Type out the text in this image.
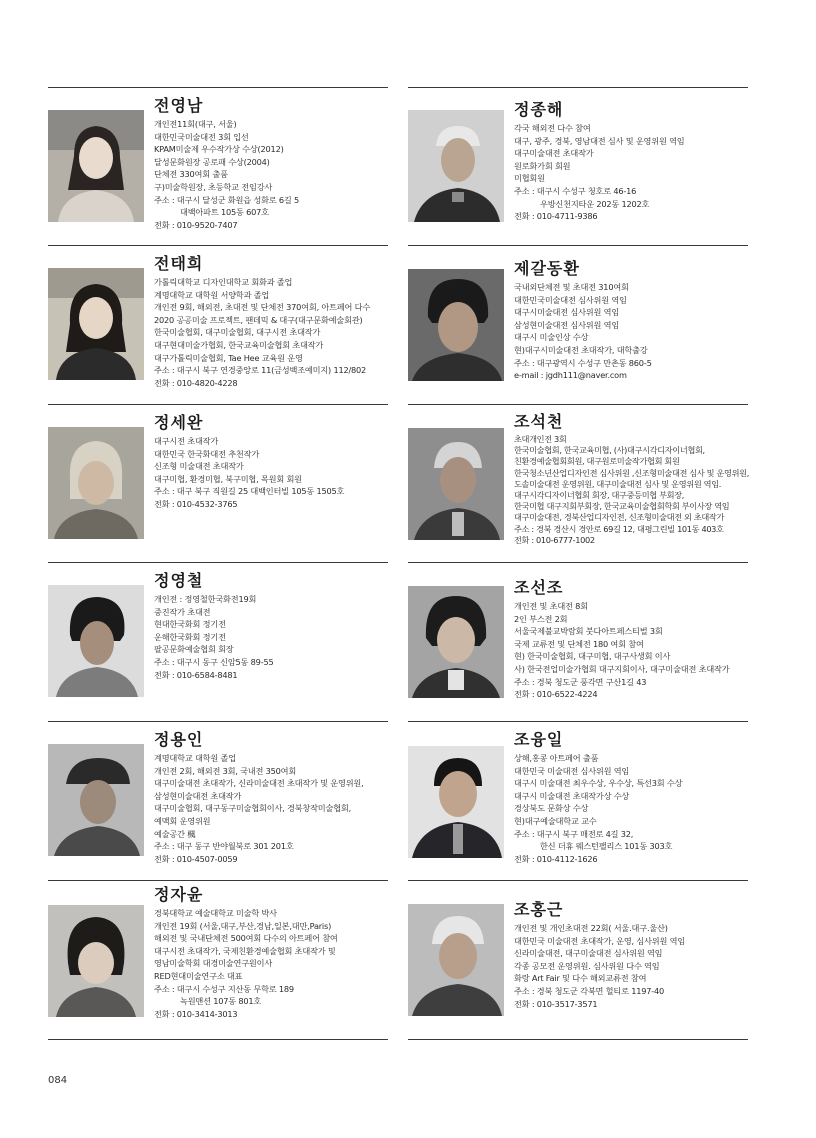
전영남
개인전11회(대구, 서울)
대한민국미술대전 3회 입선
KPAM미술제 우수작가상 수상(2012)
달성문화원장 공로패 수상(2004)
단체전 330여회 출품
구)미술학원장, 초등학교 전임강사
주소 : 대구시 달성군 화원읍 성화로 6길 5
대백아파트 105동 607호
전화 : 010-9520-7407
전태희
가톨릭대학교 디자인대학교 회화과 졸업
계명대학교 대학원 서양학과 졸업
개인전 9회, 해외전, 초대전 및 단체전 370여회, 아트페어 다수
2020 공공미술 프로젝트, 팬데믹 & 대구(대구문화예술회관)
한국미술협회, 대구미술협회, 대구시전 초대작가
대구현대미술가협회, 한국교육미술협회 초대작가
대구가톨릭미술협회, Tae Hee 교육원 운영
주소 : 대구시 북구 연경중앙로 11(금성백조예미지) 112/802
전화 : 010-4820-4228
정세완
대구시전 초대작가
대한민국 한국화대전 추천작가
신조형 미술대전 초대작가
대구미협, 환경미협, 북구미협, 목원회 회원
주소 : 대구 북구 직원길 25 대백인터빌 105동 1505호
전화 : 010-4532-3765
정영철
개인전 : 정영철한국화전19회
중진작가 초대전
현대한국화회 정기전
운해한국화회 정기전
팔공문화예술협회 회장
주소 : 대구시 동구 신암5동 89-55
전화 : 010-6584-8481
정용인
계명대학교 대학원 졸업
개인전 2회, 해외전 3회, 국내전 350여회
대구미술대전 초대작가, 신라미술대전 초대작가 및 운영위원,
삼성현미술대전 초대작가
대구미술협회, 대구동구미술협회이사, 경북창작미술협회,
예맥회 운영위원
예술공간 楓
주소 : 대구 동구 반야월북로 301 201호
전화 : 010-4507-0059
정자윤
경북대학교 예술대학교 미술학 박사
개인전 19회 (서울,대구,부산,경남,일본,대만,Paris)
해외전 및 국내단체전 500여회 다수의 아트페어 참여
대구시전 초대작가, 국제친환경예술협회 초대작가 및
영남미술학회 대경미술연구원이사
RED현대미술연구소 대표
주소 : 대구시 수성구 지산동 무학로 189
녹원맨션 107동 801호
전화 : 010-3414-3013
정종해
각국 해외전 다수 참여
대구, 광주, 경북, 영남대전 심사 및 운영위원 역임
대구미술대전 초대작가
원로화가회 회원
미협회원
주소 : 대구시 수성구 청호로 46-16
우방신천지타운 202동 1202호
전화 : 010-4711-9386
제갈동환
국내외단체전 및 초대전 310여회
대한민국미술대전 심사위원 역임
대구시미술대전 심사위원 역임
삼성현미술대전 심사위원 역임
대구시 미술인상 수상
현)대구시미술대전 초대작가, 대학출강
주소 : 대구광역시 수성구 만촌동 860-5
e-mail : jgdh111@naver.com
조석천
초대개인전 3회
한국미술협회, 한국교육미협, (사)대구시각디자이너협회,
친환경예술협회회원, 대구원로미술작가협회 회원
한국청소년산업디자인전 심사위원 ,신조형미술대전 심사 및 운영위원,
도솔미술대전 운영위원, 대구미술대전 심사 및 운영위원 역임.
대구시각디자이너협회 회장, 대구중등미협 부회장,
한국미협 대구지회부회장, 한국교육미술협회학회 부이사장 역임
대구미술대전, 경북산업디자인전, 신조형미술대전 외 초대작가
주소 : 경북 경산시 경안로 69길 12, 대평그린빌 101동 403호
전화 : 010-6777-1002
조선조
개인전 및 초대전 8회
2인 부스전 2회
서울국제불교박람회 붓다아트페스티벌 3회
국제 교류전 및 단체전 180 여회 참여
현) 한국미술협회, 대구미협, 대구사생회 이사
사) 한국전업미술가협회 대구지회이사, 대구미술대전 초대작가
주소 : 경북 청도군 풍각면 구산1길 43
전화 : 010-6522-4224
조융일
상해,홍콩 아트페어 출품
대한민국 미술대전 심사위원 역임
대구시 미술대전 최우수상, 우수상, 특선3회 수상
대구시 미술대전 초대작가상 수상
경상북도 문화상 수상
현)대구예술대학교 교수
주소 : 대구시 북구 매전로 4길 32,
한신 더휴 웨스턴팰리스 101동 303호
전화 : 010-4112-1626
조홍근
개인전 및 개인초대전 22회( 서울.대구.울산)
대한민국 미술대전 초대작가, 운영, 심사위원 역임
신라미술대전, 대구미술대전 심사위원 역임
각종 공모전 운영위원. 심사위원 다수 역임
화랑 Art Fair 및 다수 해외교류전 참여
주소 : 경북 청도군 각북면 헐티로 1197-40
전화 : 010-3517-3571
084
